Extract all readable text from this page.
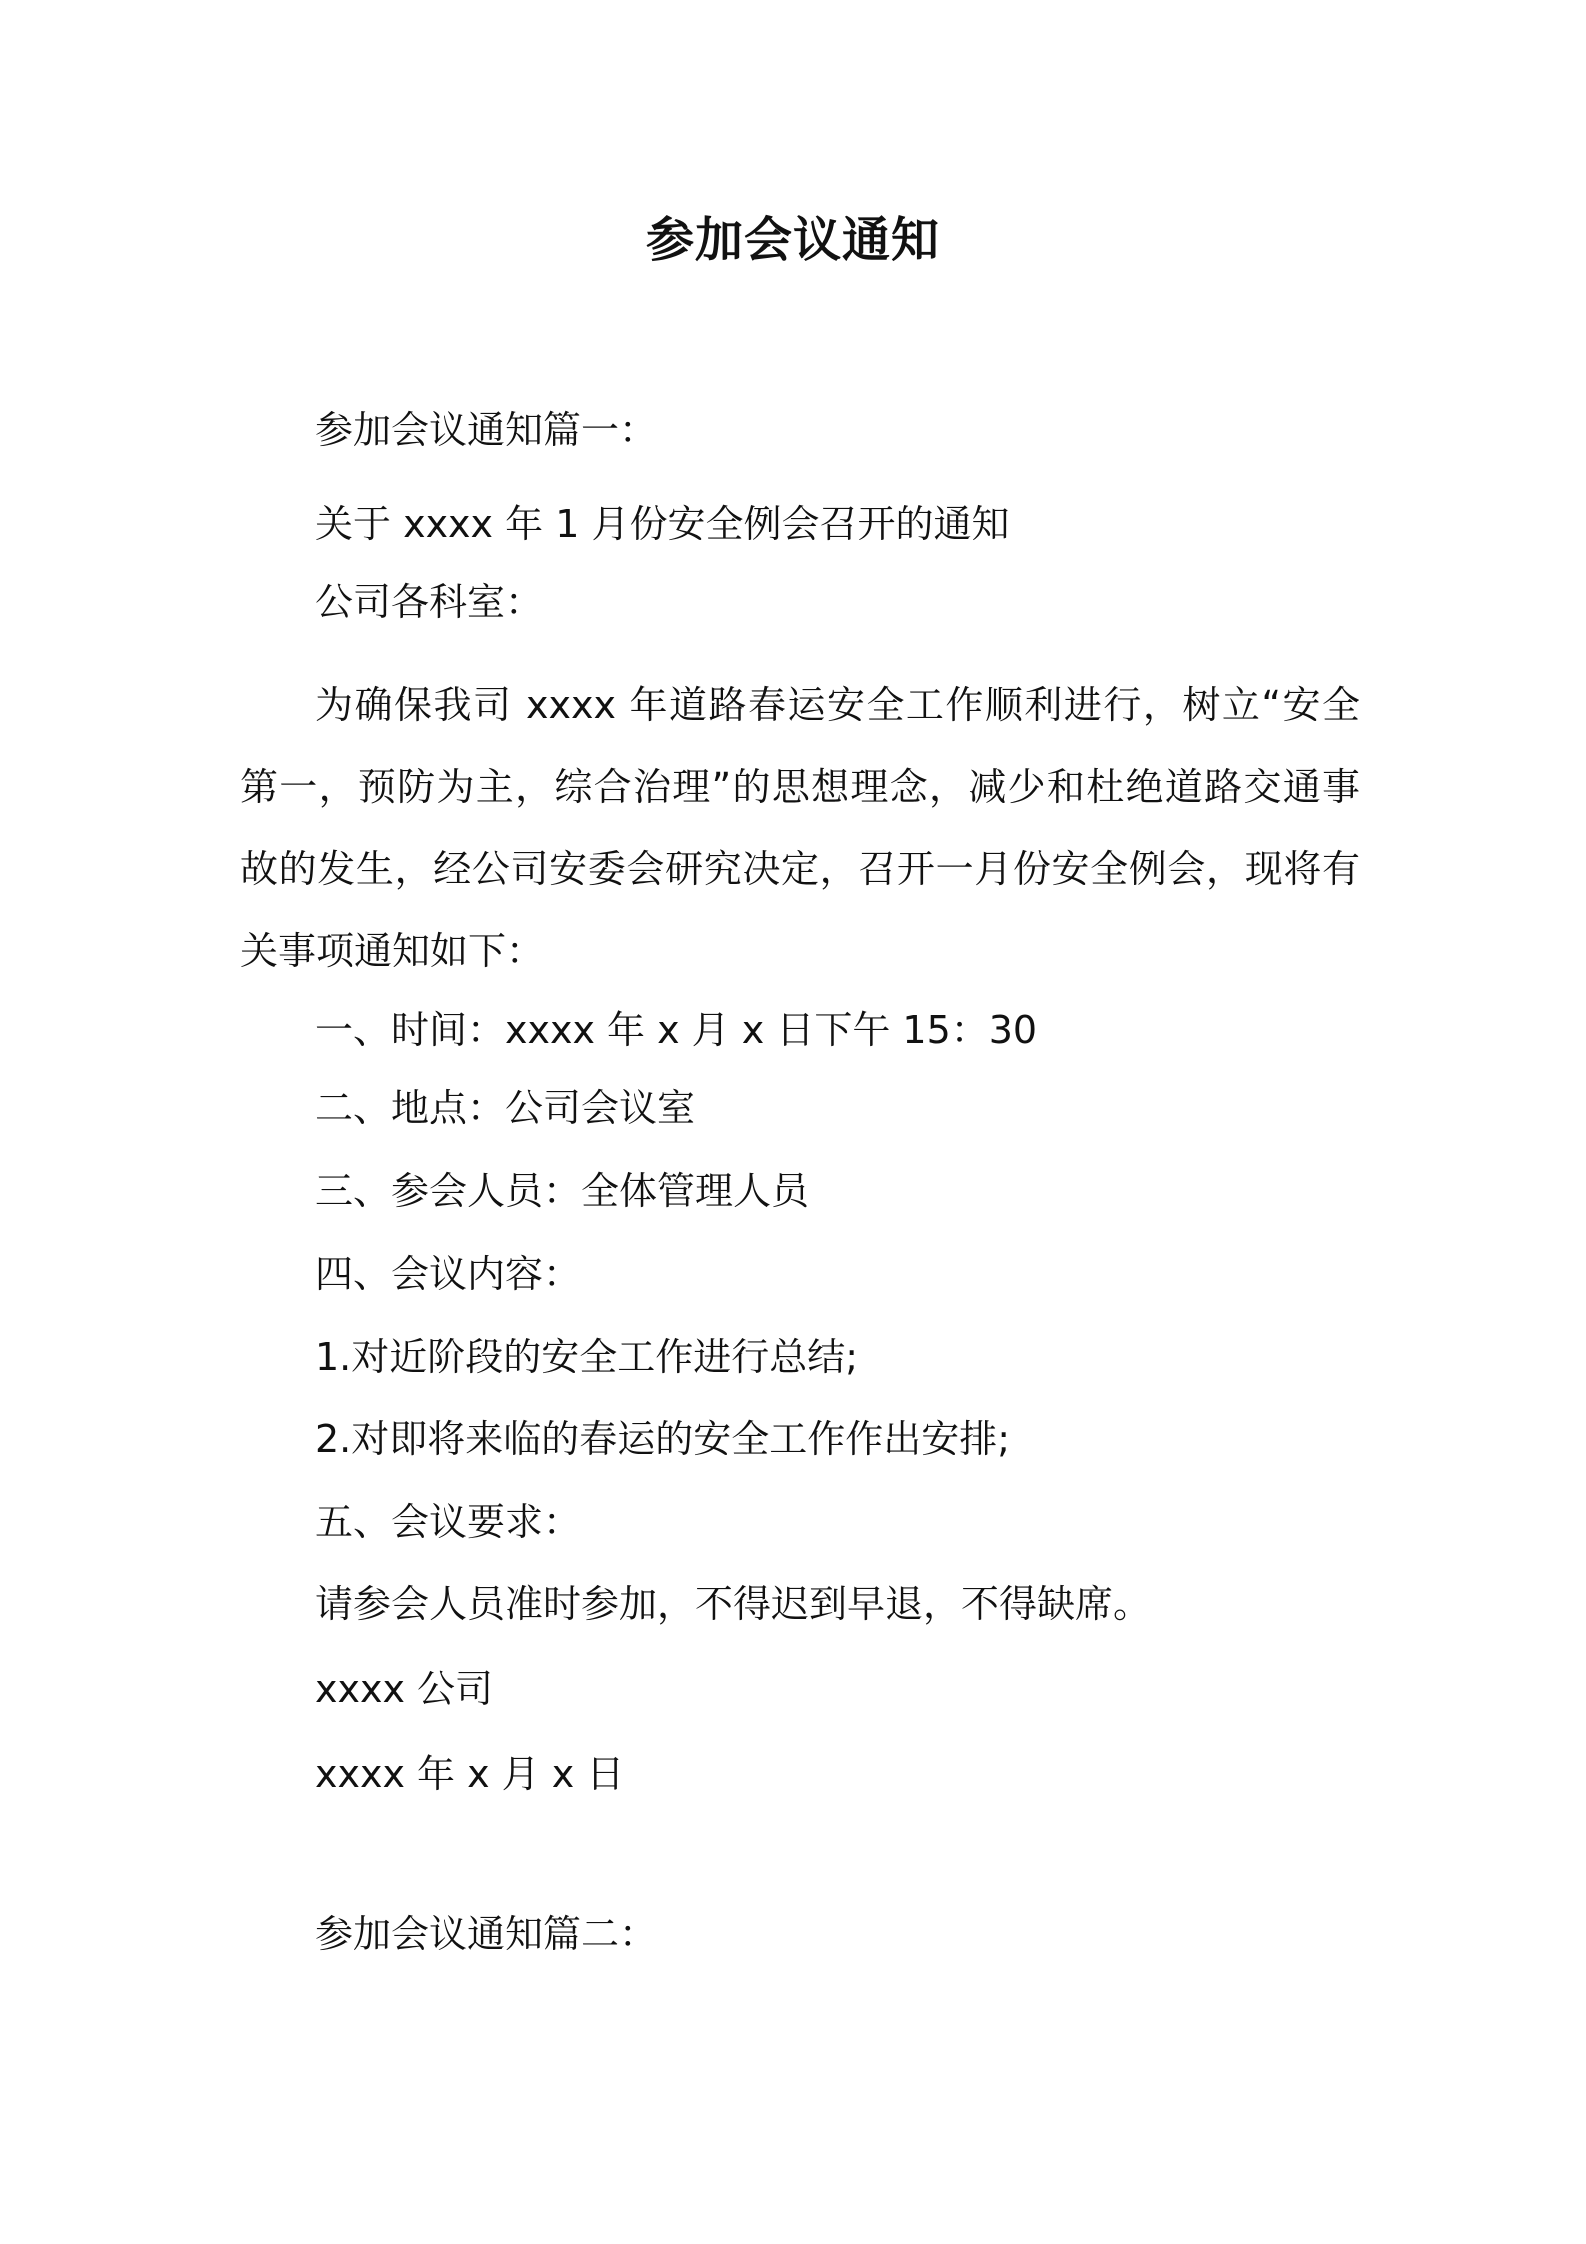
参加会议通知

参加会议通知篇一：

关于 xxxx 年 1 月份安全例会召开的通知

公司各科室：

为确保我司 xxxx 年道路春运安全工作顺利进行，树立“安全第一，预防为主，综合治理”的思想理念，减少和杜绝道路交通事故的发生，经公司安委会研究决定，召开一月份安全例会，现将有关事项通知如下：

一、时间：xxxx 年 x 月 x 日下午 15：30

二、地点：公司会议室

三、参会人员：全体管理人员

四、会议内容：

1.对近阶段的安全工作进行总结;

2.对即将来临的春运的安全工作作出安排;

五、会议要求：

请参会人员准时参加，不得迟到早退，不得缺席。

xxxx 公司

xxxx 年 x 月 x 日

参加会议通知篇二：
